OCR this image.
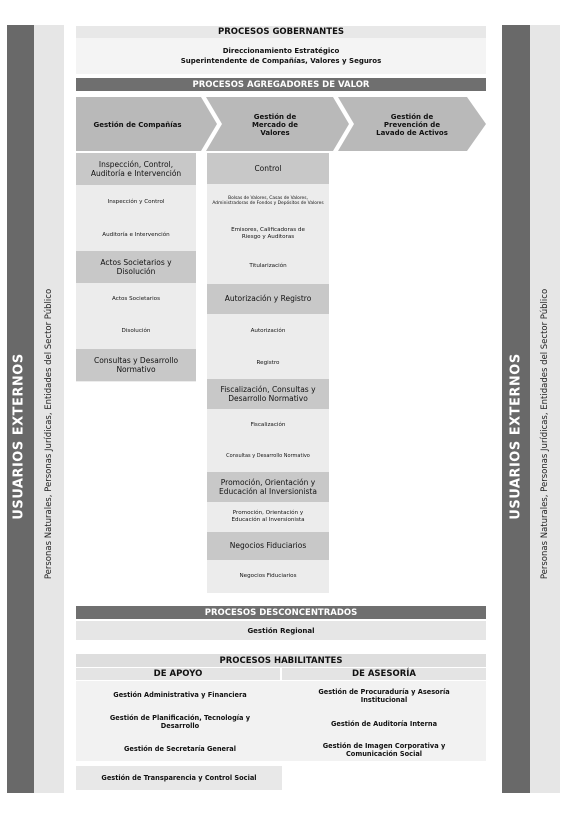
USUARIOS EXTERNOS Personas Naturales, Personas Jurídicas, Entidades del Sector Público	USUARIOS EXTERNOS Personas Naturales, Personas Jurídicas, Entidades del Sector Público
PROCESOS GOBERNANTES
Direccionamiento Estratégico
Superintendente de Compañías, Valores y Seguros
PROCESOS AGREGADORES DE VALOR
Gestión de Compañías
Gestión de Mercado de Valores
Gestión de Prevención de Lavado de Activos
Inspección, Control, Auditoría e Intervención
Inspección y Control
Auditoría e Intervención
Actos Societarios y Disolución
Actos Societarios
Disolución
Consultas y Desarrollo Normativo
Control
Bolsas de Valores, Casas de Valores, Administradoras de Fondos y Depósitos de Valores
Emisores, Calificadoras de Riesgo y Auditoras
Titularización
Autorización y Registro
Autorización
Registro
Fiscalización, Consultas y Desarrollo Normativo
Fiscalización
Consultas y Desarrollo Normativo
Promoción, Orientación y Educación al Inversionista
Promoción, Orientación y Educación al Inversionista
Negocios Fiduciarios
Negocios Fiduciarios
PROCESOS DESCONCENTRADOS
Gestión Regional
PROCESOS HABILITANTES
DE APOYO	DE ASESORÍA
Gestión Administrativa y Financiera
Gestión de Planificación, Tecnología y Desarrollo
Gestión de Secretaría General
Gestión de Transparencia y Control Social
Gestión de Procuraduría y Asesoría Institucional
Gestión de Auditoría Interna
Gestión de Imagen Corporativa y Comunicación Social
